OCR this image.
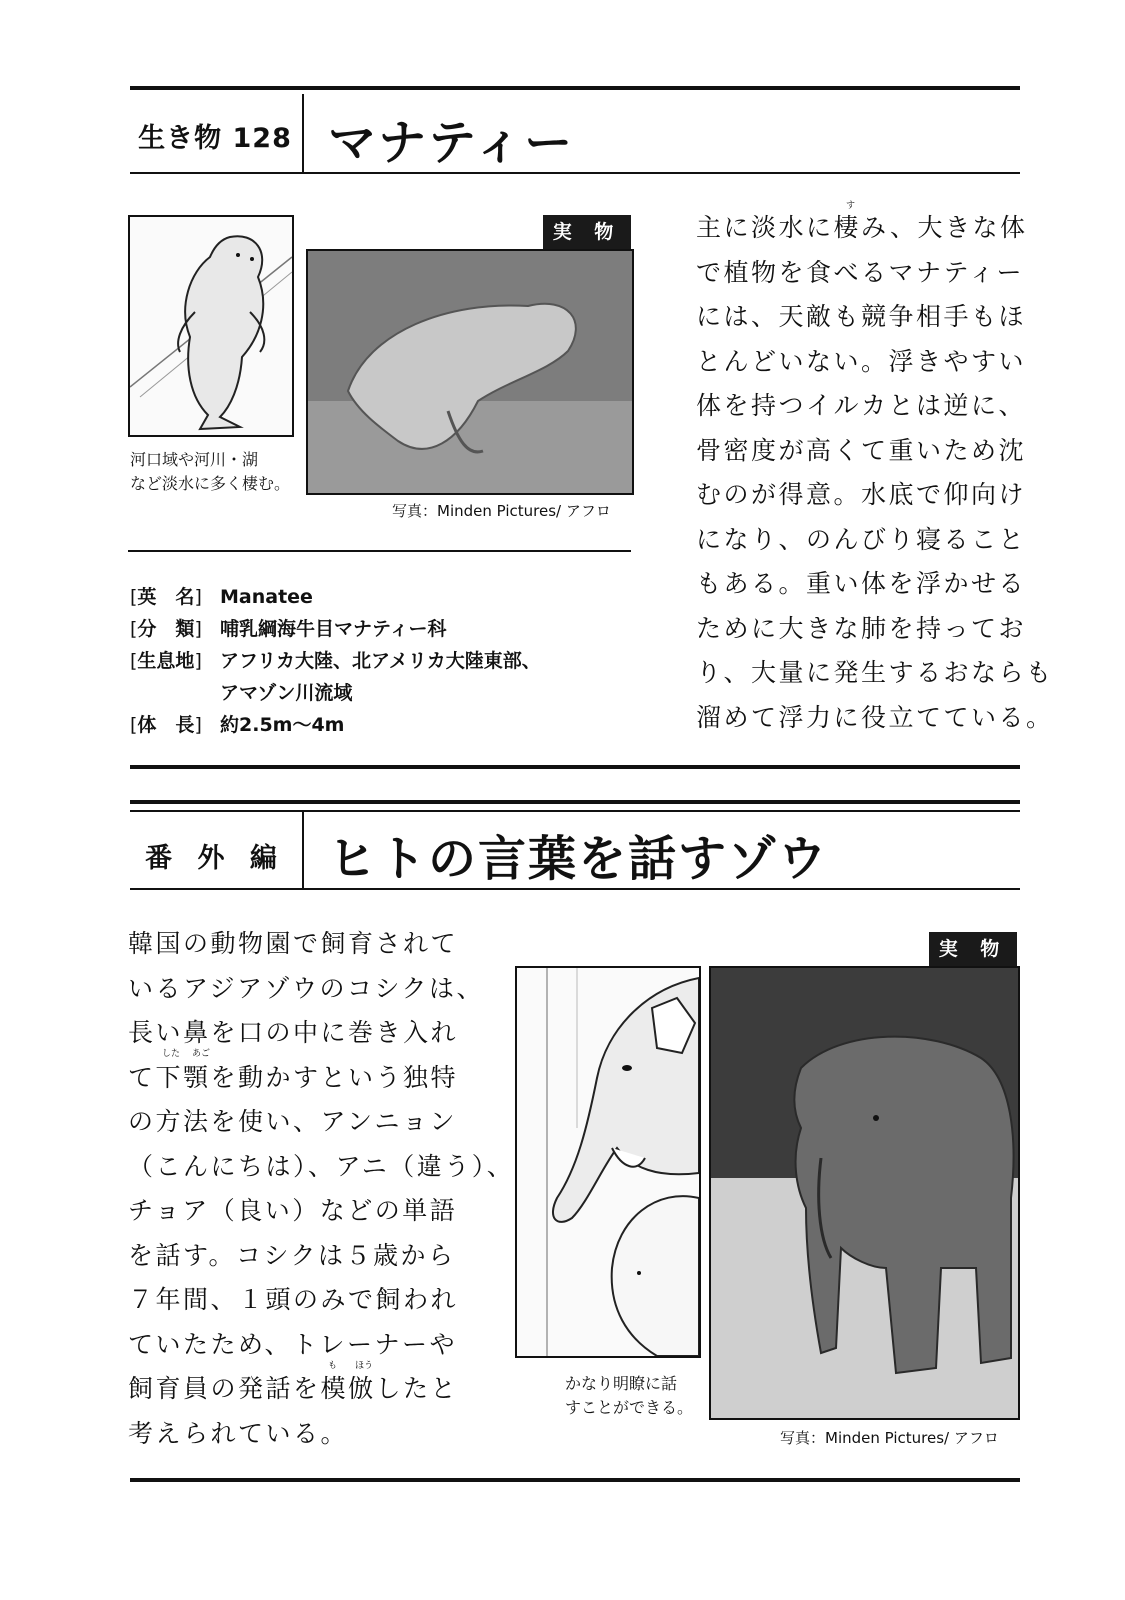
生き物 128 マナティー
河口域や河川・湖
など淡水に多く棲む。
実 物
写真：Minden Pictures/ アフロ
[ 英　名 ] Manatee
[ 分　類 ] 哺乳綱海牛目マナティー科
[ 生息地 ] アフリカ大陸、北アメリカ大陸東部、
アマゾン川流域
[ 体　長 ] 約2.5m〜4m
す
主に淡水に棲み、大きな体
で植物を食べるマナティー
には、天敵も競争相手もほ
とんどいない。浮きやすい
体を持つイルカとは逆に、
骨密度が高くて重いため沈
むのが得意。水底で仰向け
になり、のんびり寝ること
もある。重い体を浮かせる
ために大きな肺を持ってお
り、大量に発生するおならも
溜めて浮力に役立てている。
番 外 編 ヒトの言葉を話すゾウ
した あご
も ほう
韓国の動物園で飼育されて
いるアジアゾウのコシクは、
長い鼻を口の中に巻き入れ
て下顎を動かすという独特
の方法を使い、アンニョン
（こんにちは）、アニ（違う）、
チョア（良い）などの単語
を話す。コシクは５歳から
７年間、１頭のみで飼われ
ていたため、トレーナーや
飼育員の発話を模倣したと
考えられている。
かなり明瞭に話
すことができる。
実 物
写真：Minden Pictures/ アフロ
